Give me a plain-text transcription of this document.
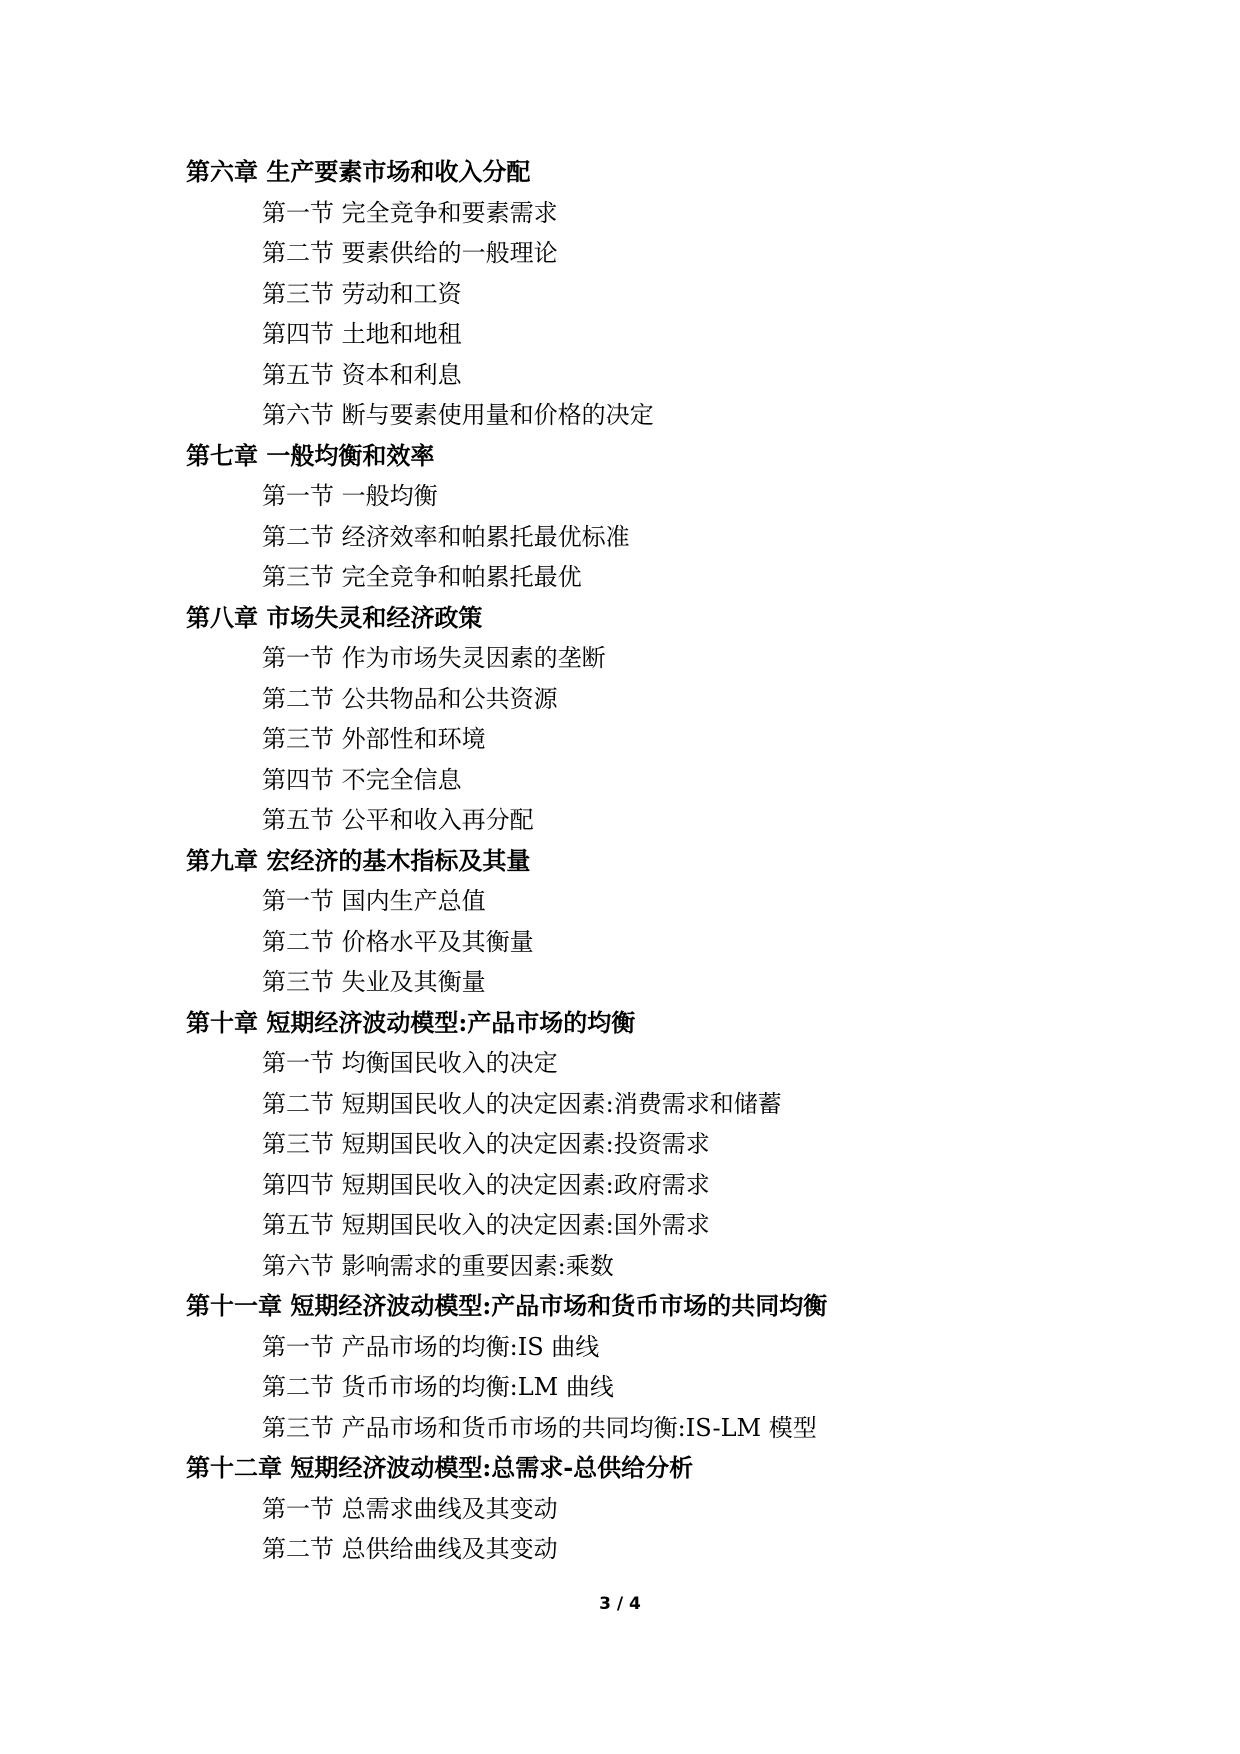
第六章 生产要素市场和收入分配
第一节 完全竞争和要素需求
第二节 要素供给的一般理论
第三节 劳动和工资
第四节 土地和地租
第五节 资本和利息
第六节 断与要素使用量和价格的决定
第七章 一般均衡和效率
第一节 一般均衡
第二节 经济效率和帕累托最优标准
第三节 完全竞争和帕累托最优
第八章 市场失灵和经济政策
第一节 作为市场失灵因素的垄断
第二节 公共物品和公共资源
第三节 外部性和环境
第四节 不完全信息
第五节 公平和收入再分配
第九章 宏经济的基木指标及其量
第一节 国内生产总值
第二节 价格水平及其衡量
第三节 失业及其衡量
第十章 短期经济波动模型:产品市场的均衡
第一节 均衡国民收入的决定
第二节 短期国民收人的决定因素:消费需求和储蓄
第三节 短期国民收入的决定因素:投资需求
第四节 短期国民收入的决定因素:政府需求
第五节 短期国民收入的决定因素:国外需求
第六节 影响需求的重要因素:乘数
第十一章 短期经济波动模型:产品市场和货币市场的共同均衡
第一节 产品市场的均衡:IS 曲线
第二节 货币市场的均衡:LM 曲线
第三节 产品市场和货币市场的共同均衡:IS-LM 模型
第十二章 短期经济波动模型:总需求-总供给分析
第一节 总需求曲线及其变动
第二节 总供给曲线及其变动
3 / 4
